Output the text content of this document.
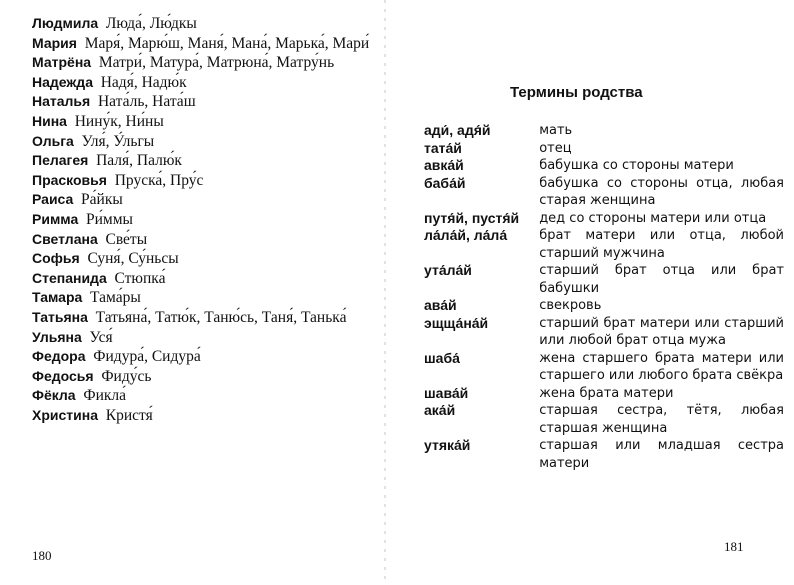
Людмила Люда́, Лю́дкы
Мария Маря́, Марю́ш, Маня́, Мана́, Марька́, Мари́
Матрёна Матри́, Матура́, Матрюна́, Матру́нь
Надежда Надя́, Надю́к
Наталья Ната́ль, Ната́ш
Нина Нину́к, Ни́ны
Ольга Уля́, У́льгы
Пелагея Паля́, Палю́к
Прасковья Пруска́, Пру́с
Раиса Ра́йкы
Римма Ри́ммы
Светлана Све́ты
Софья Суня́, Су́ньсы
Степанида Стюпка́
Тамара Тама́ры
Татьяна Татьяна́, Татю́к, Таню́сь, Таня́, Танька́
Ульяна Уся́
Федора Фидура́, Сидура́
Федосья Фиду́сь
Фёкла Фикла́
Христина Кристя́
180
Термины родства
ади́, адя́й	мать
тата́й	отец
авка́й	бабушка со стороны матери
баба́й	бабушка со стороны отца, любая старая женщина
путя́й, пустя́й	дед со стороны матери или отца
ла́ла́й, ла́ла́	брат матери или отца, любой старший мужчина
ута́ла́й	старший брат отца или брат бабушки
ава́й	свекровь
эщща́на́й	старший брат матери или старший или любой брат отца мужа
шаба́	жена старшего брата матери или старшего или любого брата свёкра
шава́й	жена брата матери
ака́й	старшая сестра, тётя, любая старшая женщина
утяка́й	старшая или младшая сестра матери
181
